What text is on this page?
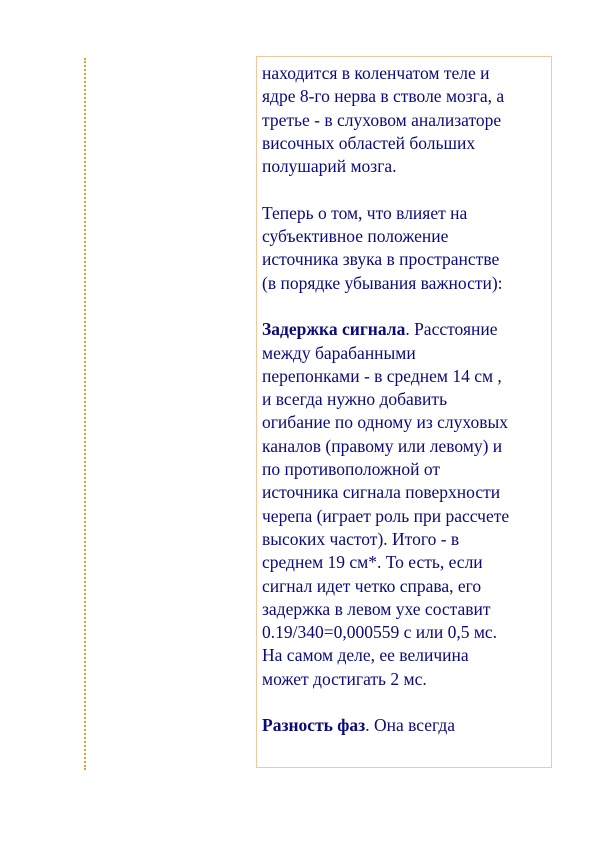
находится в коленчатом теле и
ядре 8-го нерва в стволе мозга, а
третье - в слуховом анализаторе
височных областей больших
полушарий мозга.
Теперь о том, что влияет на
субъективное положение
источника звука в пространстве
(в порядке убывания важности):
Задержка сигнала. Расстояние
между барабанными
перепонками - в среднем 14 см ,
и всегда нужно добавить
огибание по одному из слуховых
каналов (правому или левому) и
по противоположной от
источника сигнала поверхности
черепа (играет роль при рассчете
высоких частот). Итого - в
среднем 19 см*. То есть, если
сигнал идет четко справа, его
задержка в левом ухе составит
0.19/340=0,000559 с или 0,5 мс.
На самом деле, ее величина
может достигать 2 мс.
Разность фаз. Она всегда
